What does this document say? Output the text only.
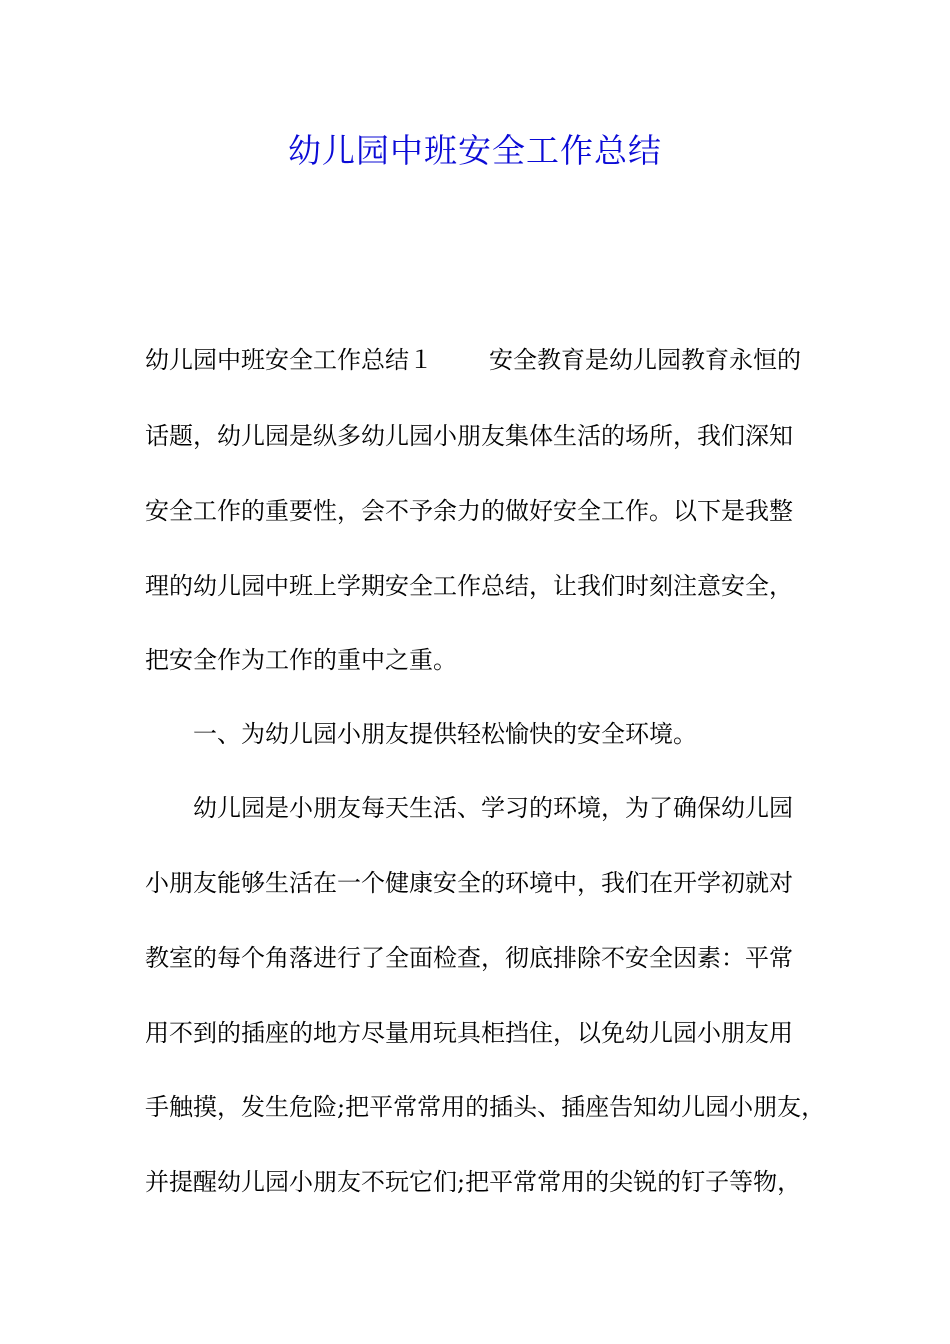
幼儿园中班安全工作总结
幼儿园中班安全工作总结１ 安全教育是幼儿园教育永恒的
话题，幼儿园是纵多幼儿园小朋友集体生活的场所，我们深知
安全工作的重要性，会不予余力的做好安全工作。以下是我整
理的幼儿园中班上学期安全工作总结，让我们时刻注意安全，
把安全作为工作的重中之重。
一、为幼儿园小朋友提供轻松愉快的安全环境。
幼儿园是小朋友每天生活、学习的环境，为了确保幼儿园
小朋友能够生活在一个健康安全的环境中，我们在开学初就对
教室的每个角落进行了全面检查，彻底排除不安全因素：平常
用不到的插座的地方尽量用玩具柜挡住，以免幼儿园小朋友用
手触摸，发生危险;把平常常用的插头、插座告知幼儿园小朋友，
并提醒幼儿园小朋友不玩它们;把平常常用的尖锐的钉子等物，
